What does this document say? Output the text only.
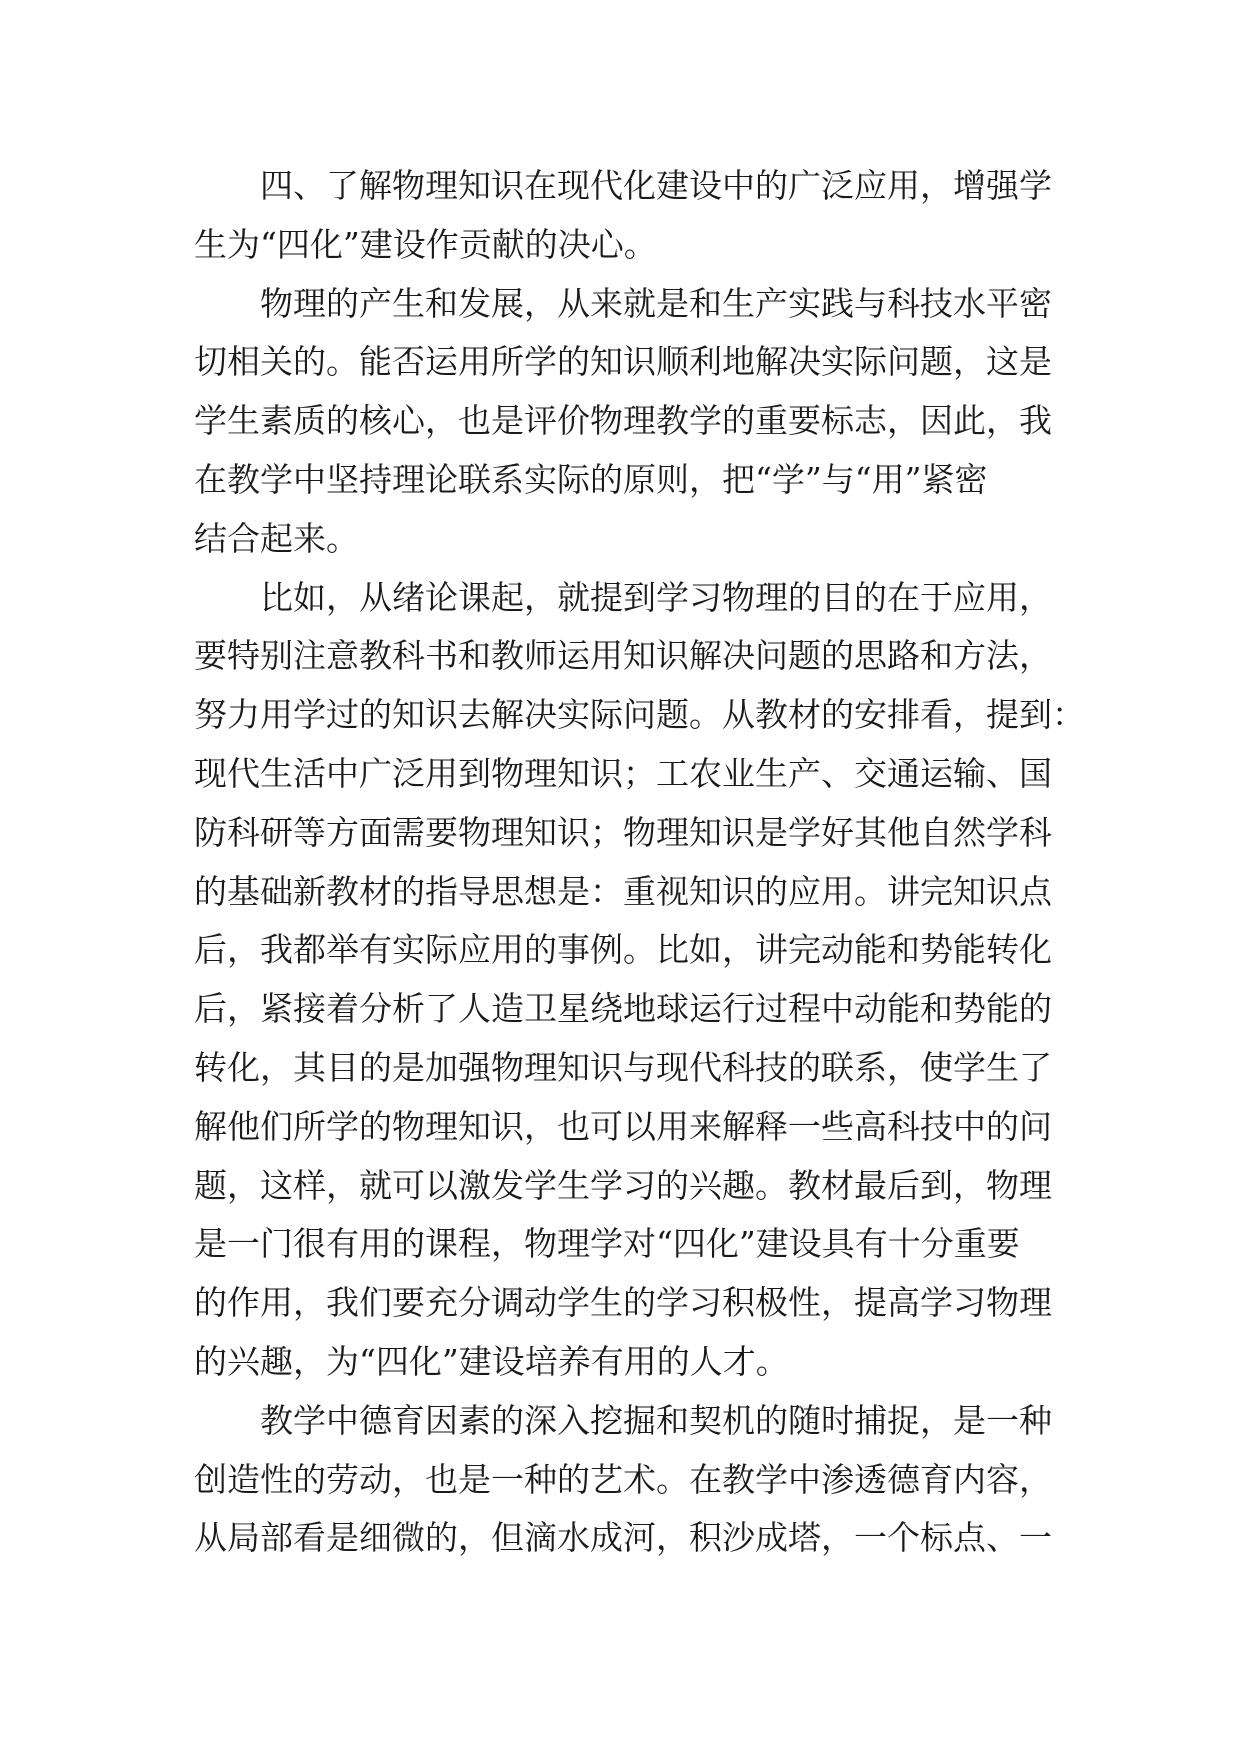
四、了解物理知识在现代化建设中的广泛应用，增强学
生为“四化”建设作贡献的决心。
物理的产生和发展，从来就是和生产实践与科技水平密
切相关的。能否运用所学的知识顺利地解决实际问题，这是
学生素质的核心，也是评价物理教学的重要标志，因此，我
在教学中坚持理论联系实际的原则，把“学”与“用”紧密
结合起来。
比如，从绪论课起，就提到学习物理的目的在于应用，
要特别注意教科书和教师运用知识解决问题的思路和方法，
努力用学过的知识去解决实际问题。从教材的安排看，提到：
现代生活中广泛用到物理知识；工农业生产、交通运输、国
防科研等方面需要物理知识；物理知识是学好其他自然学科
的基础新教材的指导思想是：重视知识的应用。讲完知识点
后，我都举有实际应用的事例。比如，讲完动能和势能转化
后，紧接着分析了人造卫星绕地球运行过程中动能和势能的
转化，其目的是加强物理知识与现代科技的联系，使学生了
解他们所学的物理知识，也可以用来解释一些高科技中的问
题，这样，就可以激发学生学习的兴趣。教材最后到，物理
是一门很有用的课程，物理学对“四化”建设具有十分重要
的作用，我们要充分调动学生的学习积极性，提高学习物理
的兴趣，为“四化”建设培养有用的人才。
教学中德育因素的深入挖掘和契机的随时捕捉，是一种
创造性的劳动，也是一种的艺术。在教学中渗透德育内容，
从局部看是细微的，但滴水成河，积沙成塔，一个标点、一
